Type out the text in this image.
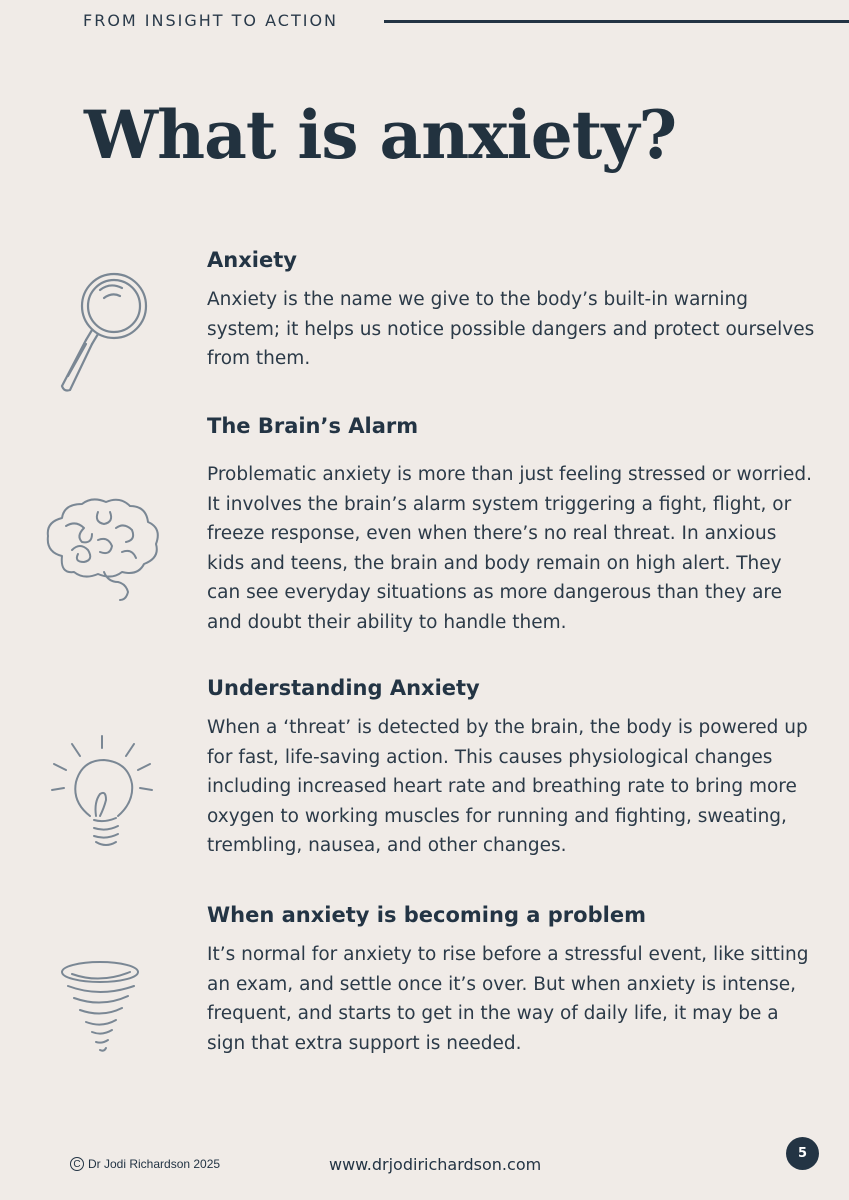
FROM INSIGHT TO ACTION
What is anxiety?
Anxiety

Anxiety is the name we give to the body’s built-in warning system; it helps us notice possible dangers and protect ourselves from them.

The Brain’s Alarm

Problematic anxiety is more than just feeling stressed or worried. It involves the brain’s alarm system triggering a fight, flight, or freeze response, even when there’s no real threat. In anxious kids and teens, the brain and body remain on high alert. They can see everyday situations as more dangerous than they are and doubt their ability to handle them.

Understanding Anxiety

When a ‘threat’ is detected by the brain, the body is powered up for fast, life-saving action. This causes physiological changes including increased heart rate and breathing rate to bring more oxygen to working muscles for running and fighting, sweating, trembling, nausea, and other changes.

When anxiety is becoming a problem

It’s normal for anxiety to rise before a stressful event, like sitting an exam, and settle once it’s over. But when anxiety is intense, frequent, and starts to get in the way of daily life, it may be a sign that extra support is needed.

C Dr Jodi Richardson 2025	www.drjodirichardson.com
5
